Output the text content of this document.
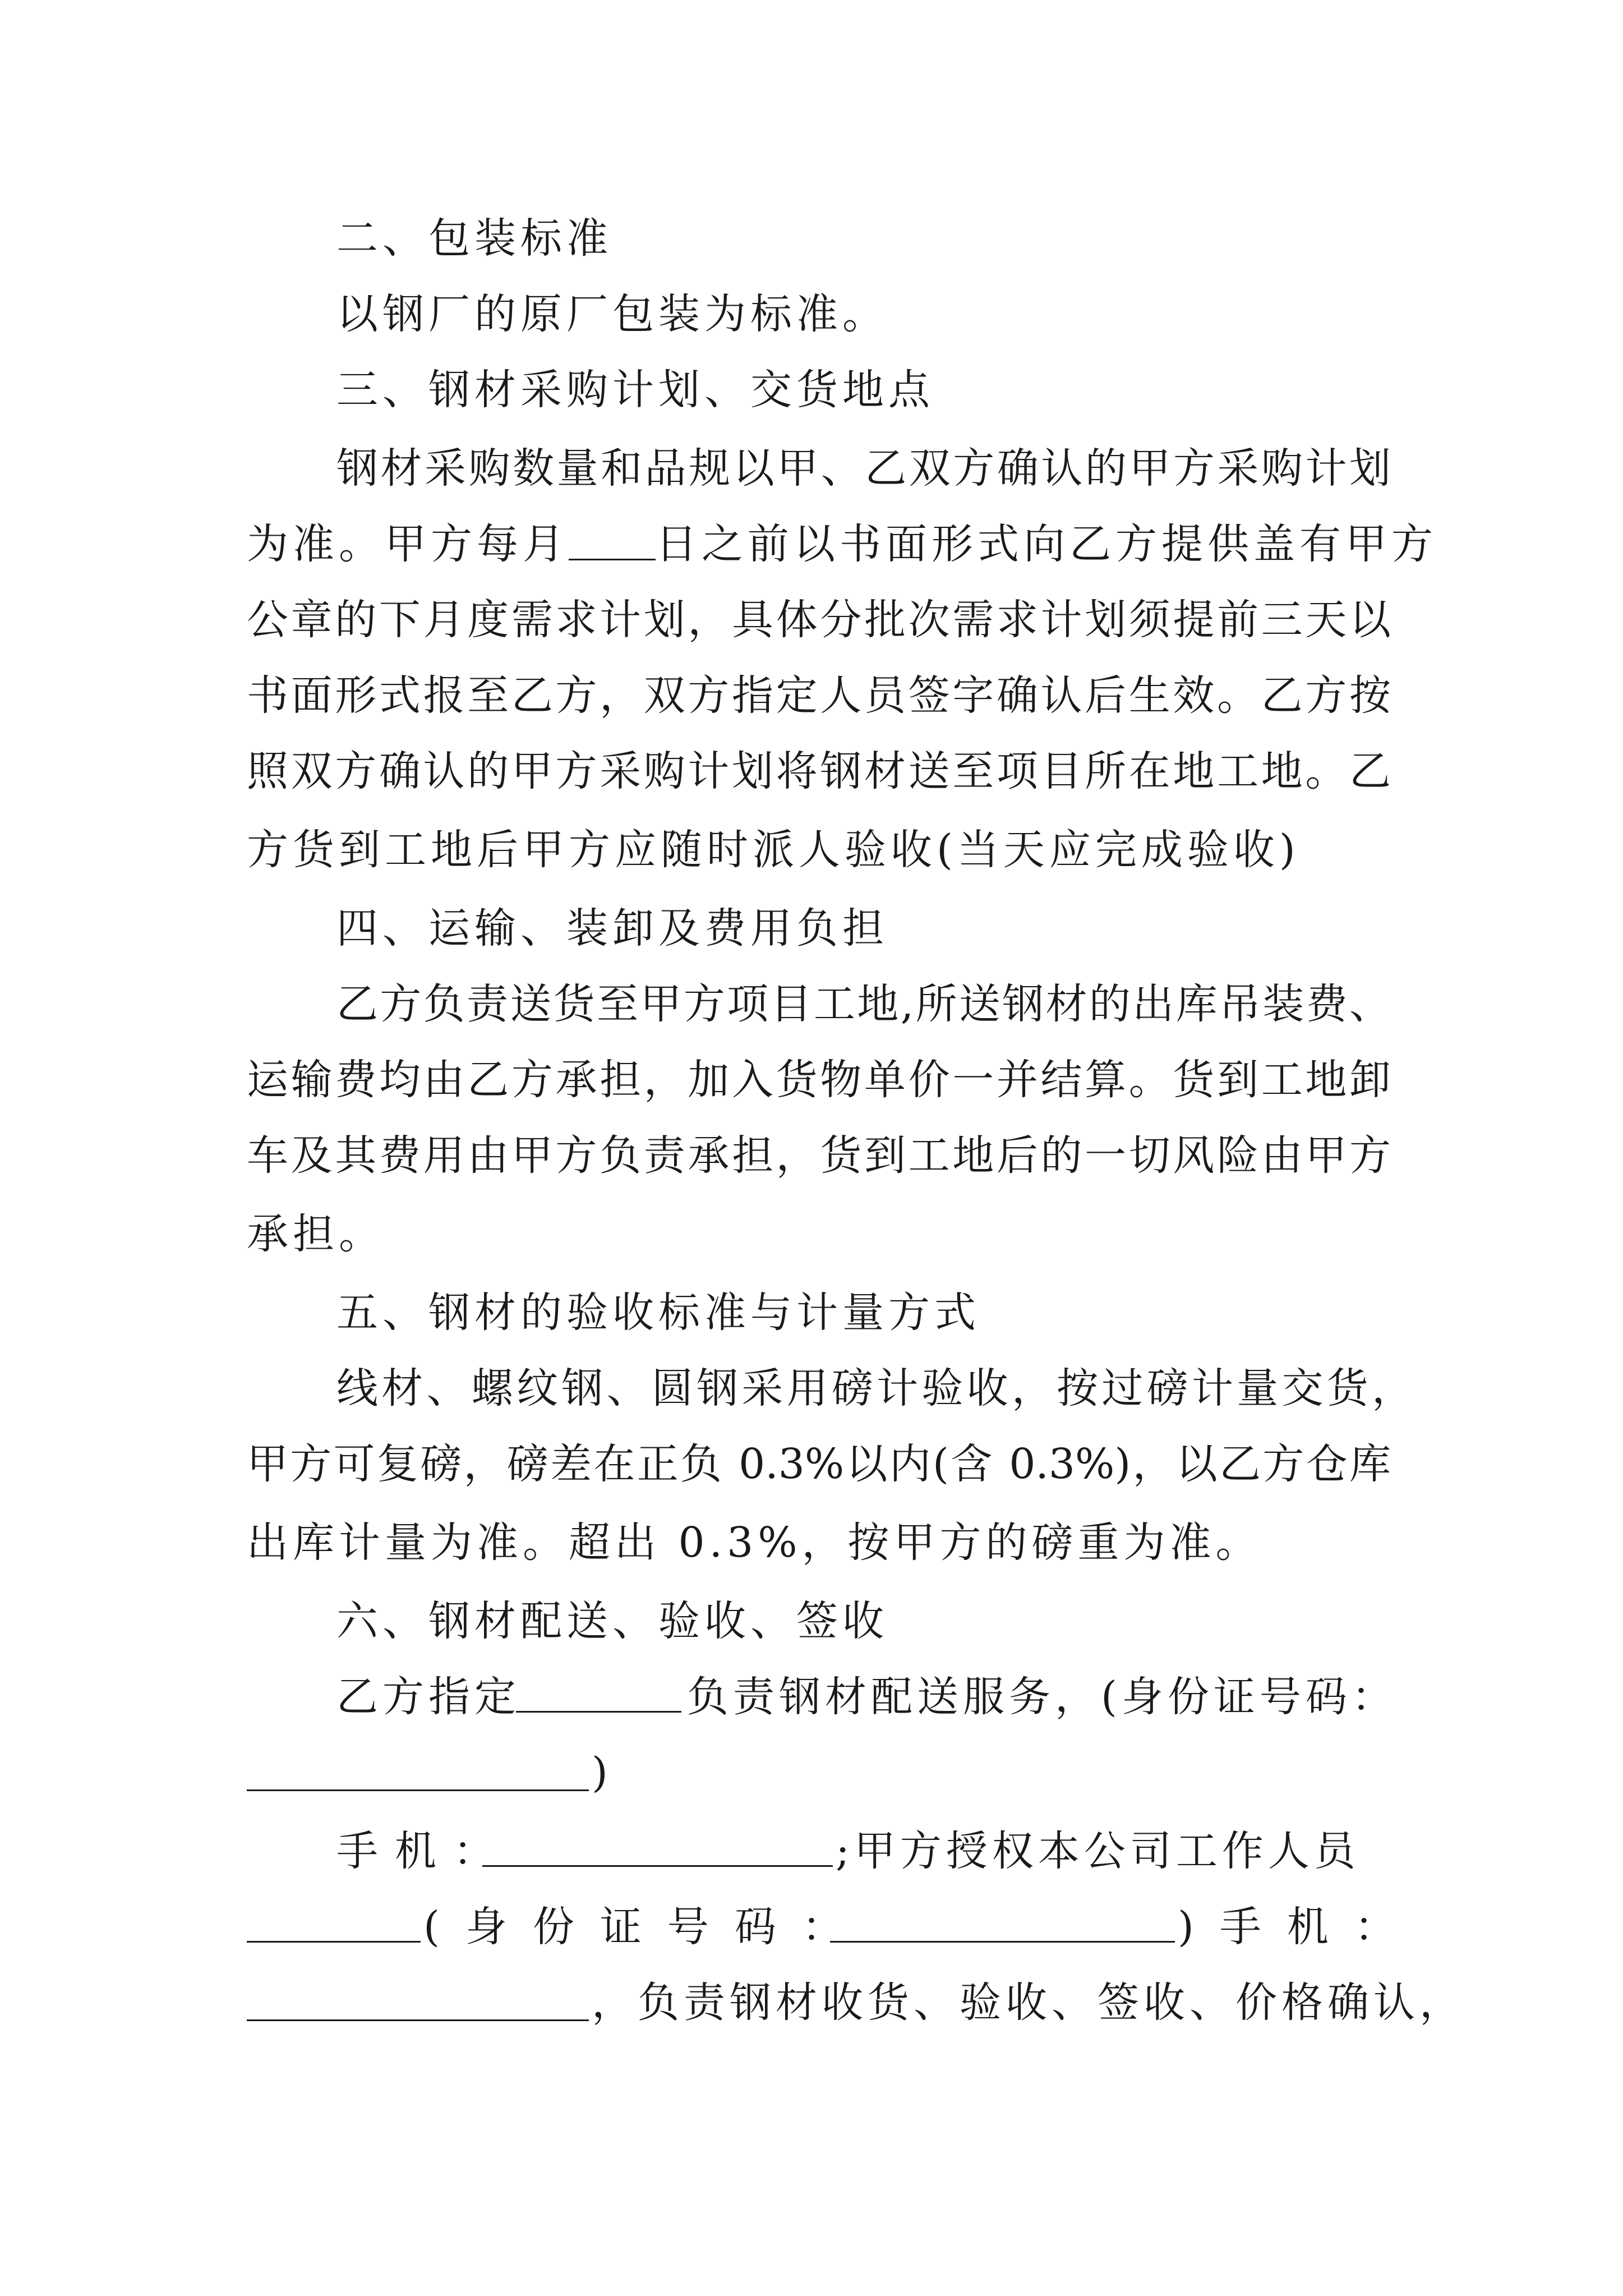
二、包装标准
以钢厂的原厂包装为标准。
三、钢材采购计划、交货地点
钢材采购数量和品规以甲、乙双方确认的甲方采购计划
为准。甲方每月 日之前以书面形式向乙方提供盖有甲方
公章的下月度需求计划，具体分批次需求计划须提前三天以
书面形式报至乙方，双方指定人员签字确认后生效。乙方按
照双方确认的甲方采购计划将钢材送至项目所在地工地。乙
方货到工地后甲方应随时派人验收(当天应完成验收)
四、运输、装卸及费用负担
乙方负责送货至甲方项目工地,所送钢材的出库吊装费、
运输费均由乙方承担，加入货物单价一并结算。货到工地卸
车及其费用由甲方负责承担，货到工地后的一切风险由甲方
承担。
五、钢材的验收标准与计量方式
线材、螺纹钢、圆钢采用磅计验收，按过磅计量交货，
甲方可复磅，磅差在正负 0.3%以内(含 0.3%)，以乙方仓库
出库计量为准。超出 0.3%，按甲方的磅重为准。
六、钢材配送、验收、签收
乙方指定	负责钢材配送服务，(身份证号码：
)
手机：	;甲方授权本公司工作人员
(身份证号码：	)手机：
，负责钢材收货、验收、签收、价格确认，
